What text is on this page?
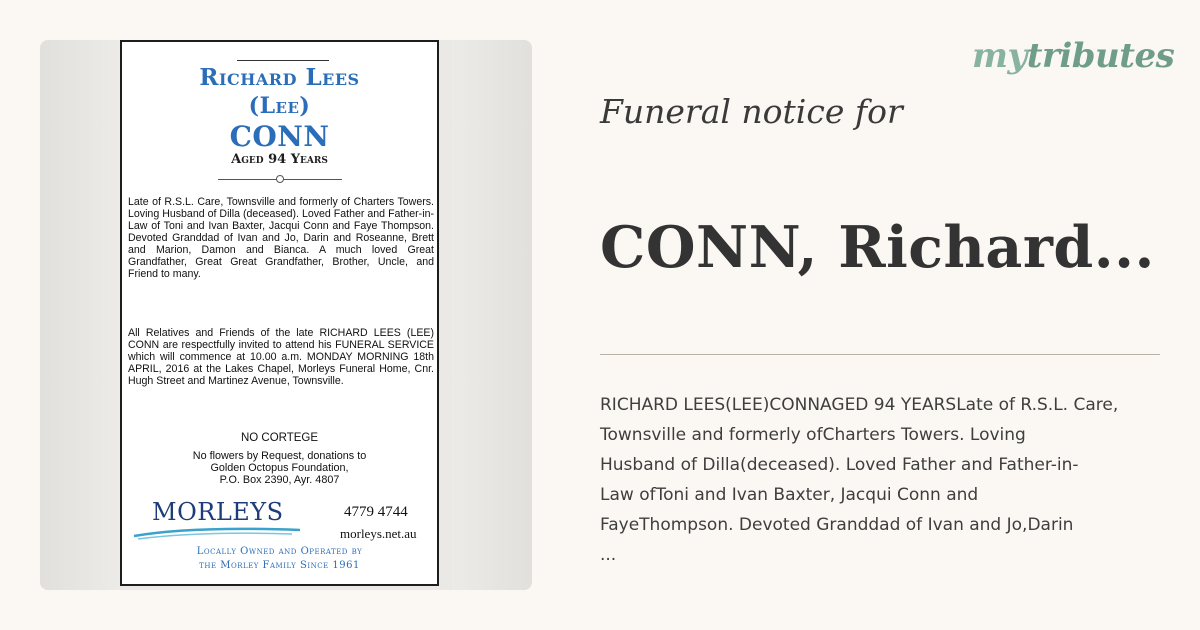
Richard Lees
(Lee)
CONN
Aged 94 Years

Late of R.S.L. Care, Townsville and formerly of Charters Towers. Loving Husband of Dilla (deceased). Loved Father and Father-in-Law of Toni and Ivan Baxter, Jacqui Conn and Faye Thompson. Devoted Granddad of Ivan and Jo, Darin and Roseanne, Brett and Marion, Damon and Bianca. A much loved Great Grandfather, Great Great Grandfather, Brother, Uncle, and Friend to many.

All Relatives and Friends of the late RICHARD LEES (LEE) CONN are respectfully invited to attend his FUNERAL SERVICE which will commence at 10.00 a.m. MONDAY MORNING 18th APRIL, 2016 at the Lakes Chapel, Morleys Funeral Home, Cnr. Hugh Street and Martinez Avenue, Townsville.

NO CORTEGE

No flowers by Request, donations to
Golden Octopus Foundation,
P.O. Box 2390, Ayr. 4807
MORLEYS	4779 4744
morleys.net.au
Locally Owned and Operated by
the Morley Family Since 1961
mytributes
Funeral notice for
CONN, Richard...

RICHARD LEES(LEE)CONNAGED 94 YEARSLate of R.S.L. Care,
Townsville and formerly ofCharters Towers. Loving
Husband of Dilla(deceased). Loved Father and Father-in-
Law ofToni and Ivan Baxter, Jacqui Conn and
FayeThompson. Devoted Granddad of Ivan and Jo,Darin
...
